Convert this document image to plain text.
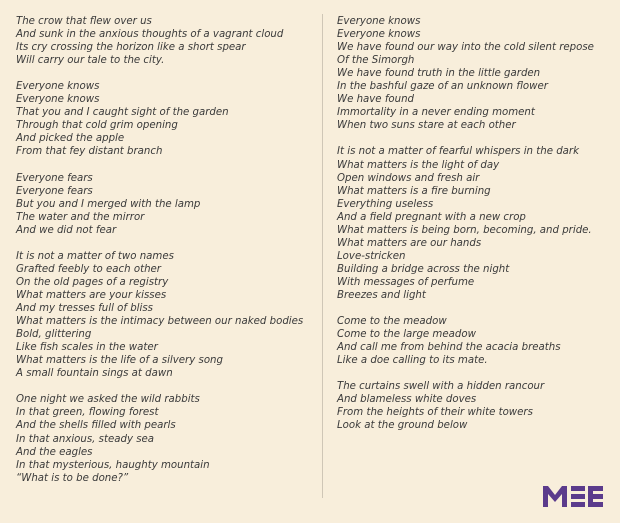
The crow that flew over us
And sunk in the anxious thoughts of a vagrant cloud
Its cry crossing the horizon like a short spear
Will carry our tale to the city.
Everyone knows
Everyone knows
That you and I caught sight of the garden
Through that cold grim opening
And picked the apple
From that fey distant branch
Everyone fears
Everyone fears
But you and I merged with the lamp
The water and the mirror
And we did not fear
It is not a matter of two names
Grafted feebly to each other
On the old pages of a registry
What matters are your kisses
And my tresses full of bliss
What matters is the intimacy between our naked bodies
Bold, glittering
Like fish scales in the water
What matters is the life of a silvery song
A small fountain sings at dawn
One night we asked the wild rabbits
In that green, flowing forest
And the shells filled with pearls
In that anxious, steady sea
And the eagles
In that mysterious, haughty mountain
“What is to be done?”
Everyone knows
Everyone knows
We have found our way into the cold silent repose
Of the Simorgh
We have found truth in the little garden
In the bashful gaze of an unknown flower
We have found
Immortality in a never ending moment
When two suns stare at each other
It is not a matter of fearful whispers in the dark
What matters is the light of day
Open windows and fresh air
What matters is a fire burning
Everything useless
And a field pregnant with a new crop
What matters is being born, becoming, and pride.
What matters are our hands
Love-stricken
Building a bridge across the night
With messages of perfume
Breezes and light
Come to the meadow
Come to the large meadow
And call me from behind the acacia breaths
Like a doe calling to its mate.
The curtains swell with a hidden rancour
And blameless white doves
From the heights of their white towers
Look at the ground below
